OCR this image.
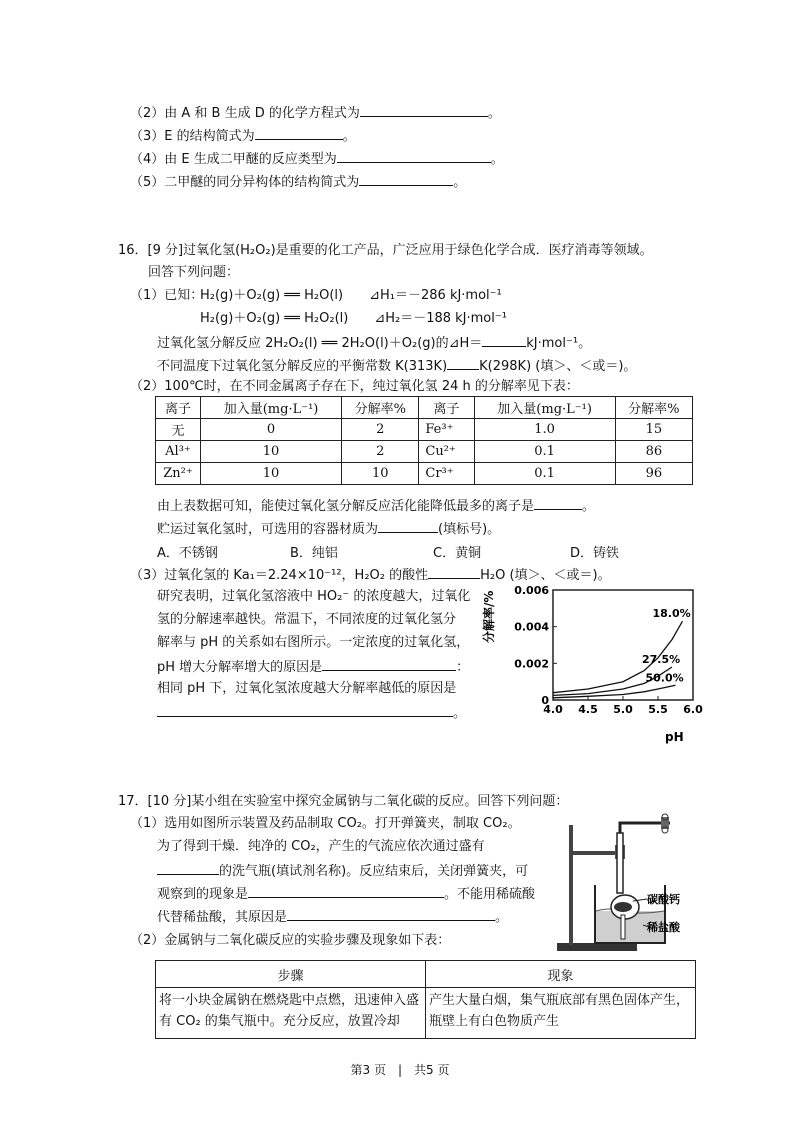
（2）由 A 和 B 生成 D 的化学方程式为	。
（3）E 的结构简式为	。
（4）由 E 生成二甲醚的反应类型为	。
（5）二甲醚的同分异构体的结构简式为	。
16．[9 分]过氧化氢(H₂O₂)是重要的化工产品，广泛应用于绿色化学合成．医疗消毒等领域。
回答下列问题：
（1）已知：
H₂(g)＋O₂(g) ══ H₂O(l)　　⊿H₁＝－286 kJ·mol⁻¹
H₂(g)＋O₂(g) ══ H₂O₂(l)　　⊿H₂＝－188 kJ·mol⁻¹
过氧化氢分解反应 2H₂O₂(l) ══ 2H₂O(l)＋O₂(g)的⊿H＝	kJ·mol⁻¹。
不同温度下过氧化氢分解反应的平衡常数 K(313K) K(298K) (填＞、＜或＝)。
（2）100℃时，在不同金属离子存在下，纯过氧化氢 24 h 的分解率见下表：
离子	加入量(mg·L⁻¹)	分解率%	离子	加入量(mg·L⁻¹)	分解率%
无	0	2	Fe³⁺	1.0	15
Al³⁺	10	2	Cu²⁺	0.1	86
Zn²⁺	10	10	Cr³⁺	0.1	96
由上表数据可知，能使过氧化氢分解反应活化能降低最多的离子是	。
贮运过氧化氢时，可选用的容器材质为	(填标号)。
A．不锈钢	B．纯铝	C．黄铜	D．铸铁
（3）过氧化氢的 Ka₁＝2.24×10⁻¹²，H₂O₂ 的酸性	H₂O (填＞、＜或＝)。
研究表明，过氧化氢溶液中 HO₂⁻ 的浓度越大，过氧化
氢的分解速率越快。常温下，不同浓度的过氧化氢分
解率与 pH 的关系如右图所示。一定浓度的过氧化氢，
pH 增大分解率增大的原因是	：
相同 pH 下，过氧化氢浓度越大分解率越低的原因是
。	4.0 4.5 5.0 5.5 6.0
0
0.002
0.004
0.006
18.0%
27.5%
50.0%
分解率/%
pH
17．[10 分]某小组在实验室中探究金属钠与二氧化碳的反应。回答下列问题：
（1）选用如图所示装置及药品制取 CO₂。打开弹簧夹，制取 CO₂。
为了得到干燥．纯净的 CO₂，产生的气流应依次通过盛有
的洗气瓶(填试剂名称)。反应结束后，关闭弹簧夹，可
观察到的现象是	。不能用稀硫酸
代替稀盐酸，其原因是	。
（2）金属钠与二氧化碳反应的实验步骤及现象如下表：
碳酸钙
稀盐酸
步骤	现象
将一小块金属钠在燃烧匙中点燃，迅速伸入盛有 CO₂ 的集气瓶中。充分反应，放置冷却	产生大量白烟，集气瓶底部有黑色固体产生，瓶壁上有白色物质产生
第3 页　|　共5 页
